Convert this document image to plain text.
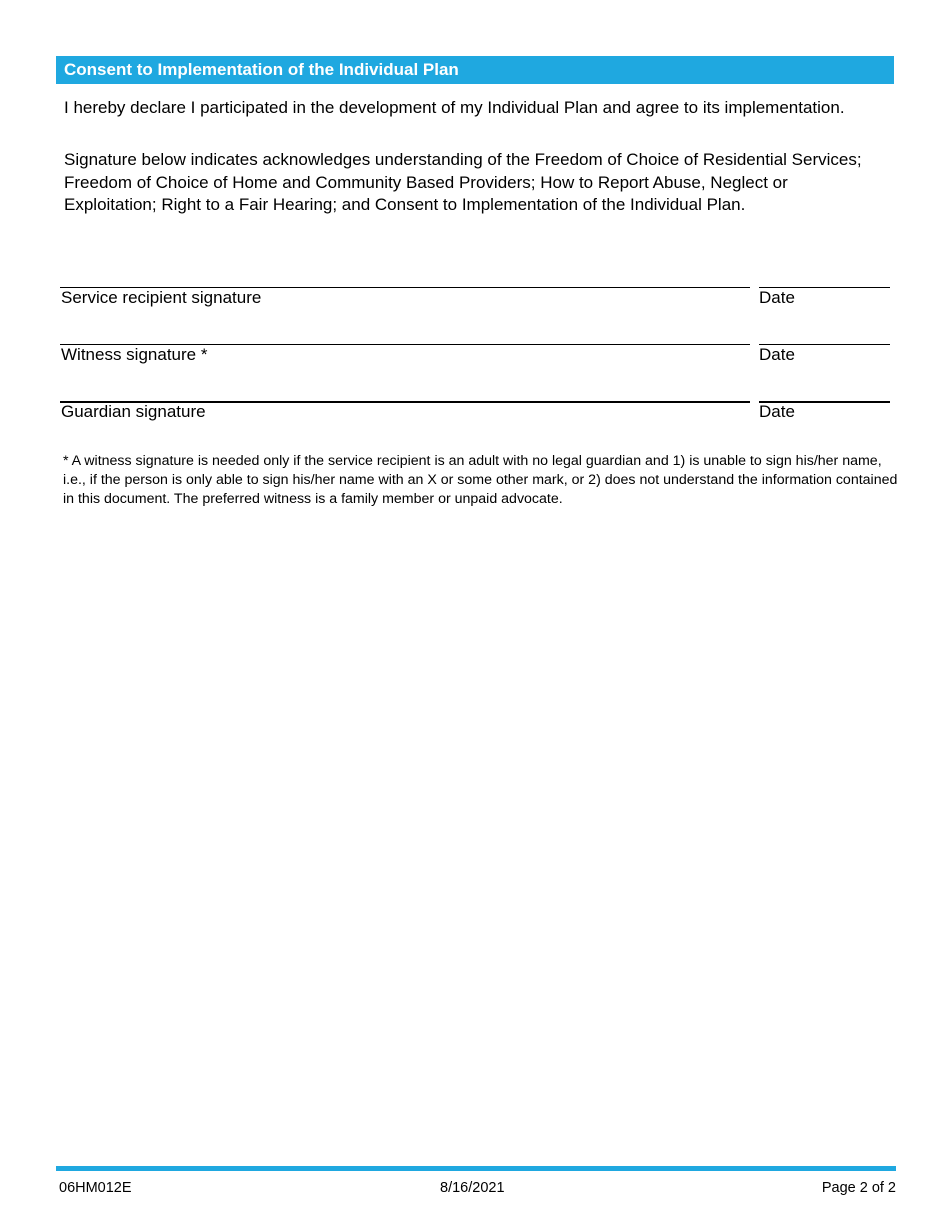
Consent to Implementation of the Individual Plan

I hereby declare I participated in the development of my Individual Plan and agree to its implementation.

Signature below indicates acknowledges understanding of the Freedom of Choice of Residential Services; Freedom of Choice of Home and Community Based Providers; How to Report Abuse, Neglect or Exploitation; Right to a Fair Hearing; and Consent to Implementation of the Individual Plan.

Service recipient signature	Date
Witness signature *	Date
Guardian signature	Date

* A witness signature is needed only if the service recipient is an adult with no legal guardian and 1) is unable to sign his/her name, i.e., if the person is only able to sign his/her name with an X or some other mark, or 2) does not understand the information contained in this document. The preferred witness is a family member or unpaid advocate.

06HM012E	8/16/2021	Page 2 of 2
